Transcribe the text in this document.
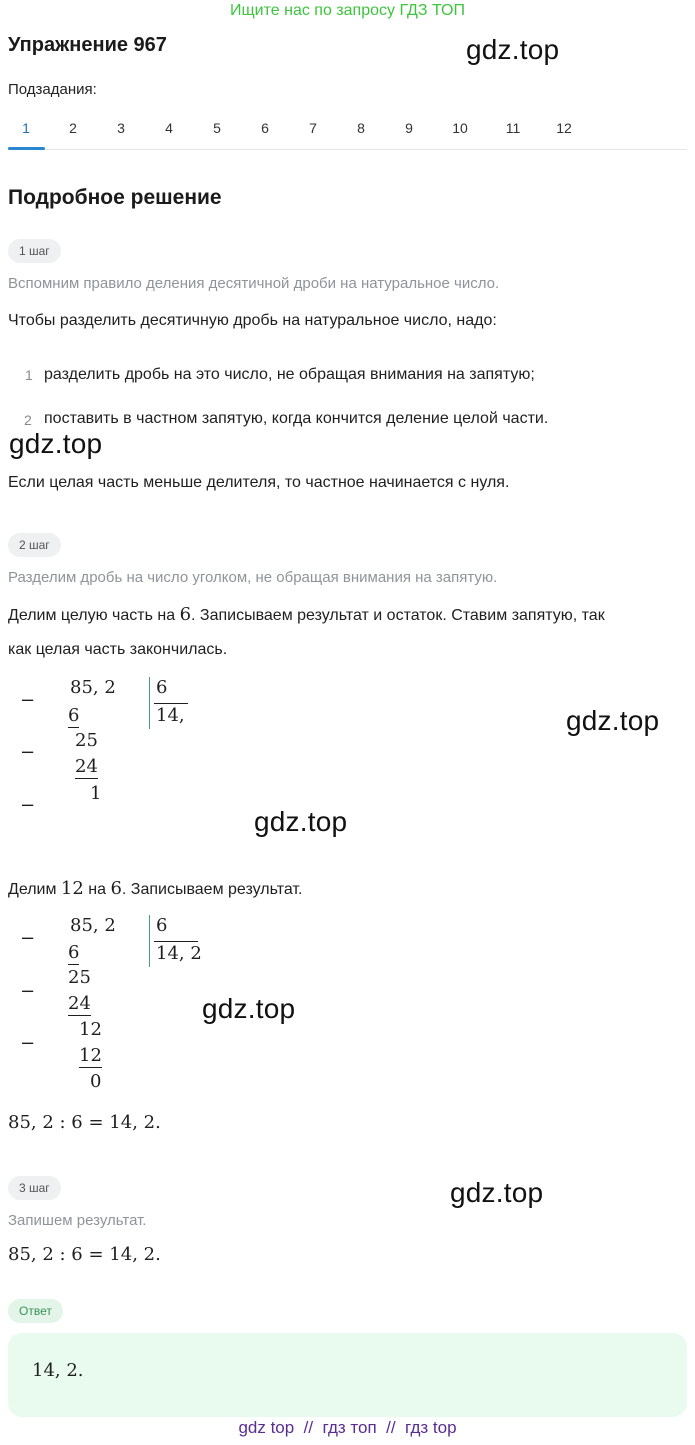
Ищите нас по запросу ГДЗ ТОП
Упражнение 967	gdz.top
Подзадания:
1	2	3	4	5	6	7	8	9	10	11	12
Подробное решение
1 шаг
Вспомним правило деления десятичной дроби на натуральное число.
Чтобы разделить десятичную дробь на натуральное число, надо:
1 разделить дробь на это число, не обращая внимания на запятую;
2 поставить в частном запятую, когда кончится деление целой части.
gdz.top
Если целая часть меньше делителя, то частное начинается с нуля.
2 шаг
Разделим дробь на число уголком, не обращая внимания на запятую.
Делим целую часть на 6. Записываем результат и остаток. Ставим запятую, так
как целая часть закончилась.
−
−
−
85, 2
6
25
24
1
6
14,	gdz.top
gdz.top
Делим 12 на 6. Записываем результат.
−
−
−
85, 2
6
25
24
12
12
0
6
14, 2
gdz.top
85, 2 : 6 = 14, 2.
3 шаг	gdz.top
Запишем результат.
85, 2 : 6 = 14, 2.
Ответ
14, 2.
gdz top  //  гдз топ  //  гдз top
